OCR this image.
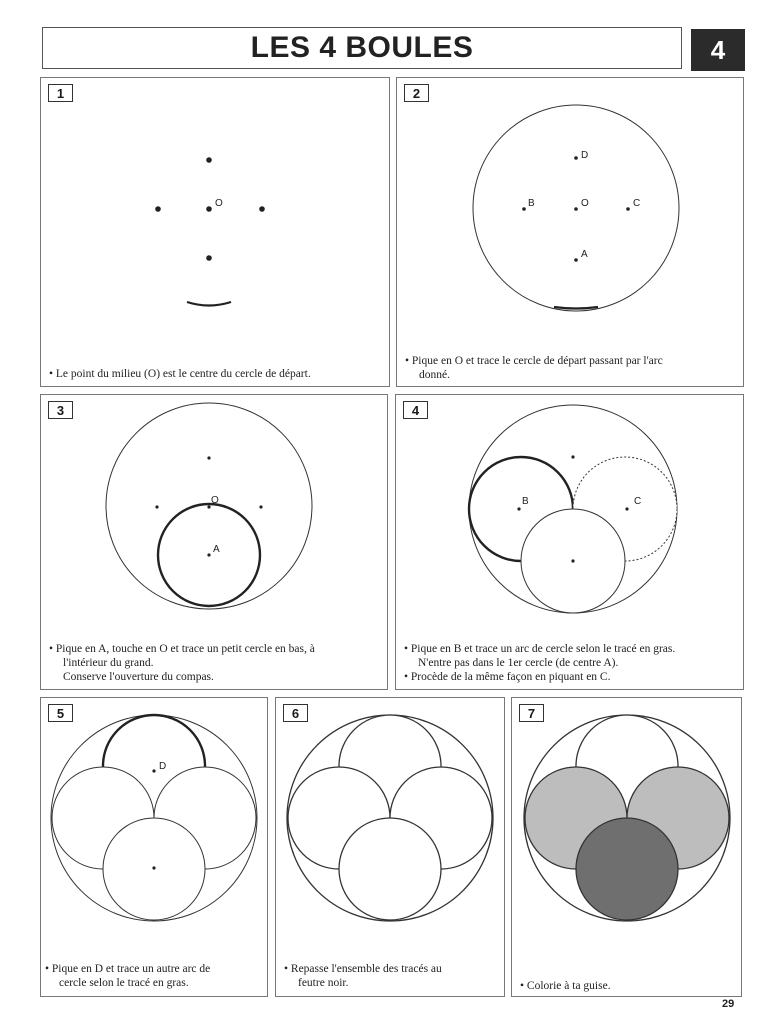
LES 4 BOULES	4
1
O
• Le point du milieu (O) est le centre du cercle de départ.
2
D
B	O	C
A
• Pique en O et trace le cercle de départ passant par l'arc
donné.
3
O
A
• Pique en A, touche en O et trace un petit cercle en bas, à
l'intérieur du grand.
Conserve l'ouverture du compas.
4
B	C
• Pique en B et trace un arc de cercle selon le tracé en gras.
N'entre pas dans le 1er cercle (de centre A).
• Procède de la même façon en piquant en C.
5
D
• Pique en D et trace un autre arc de
cercle selon le tracé en gras.
6
• Repasse l'ensemble des tracés au
feutre noir.
7
• Colorie à ta guise.
29
